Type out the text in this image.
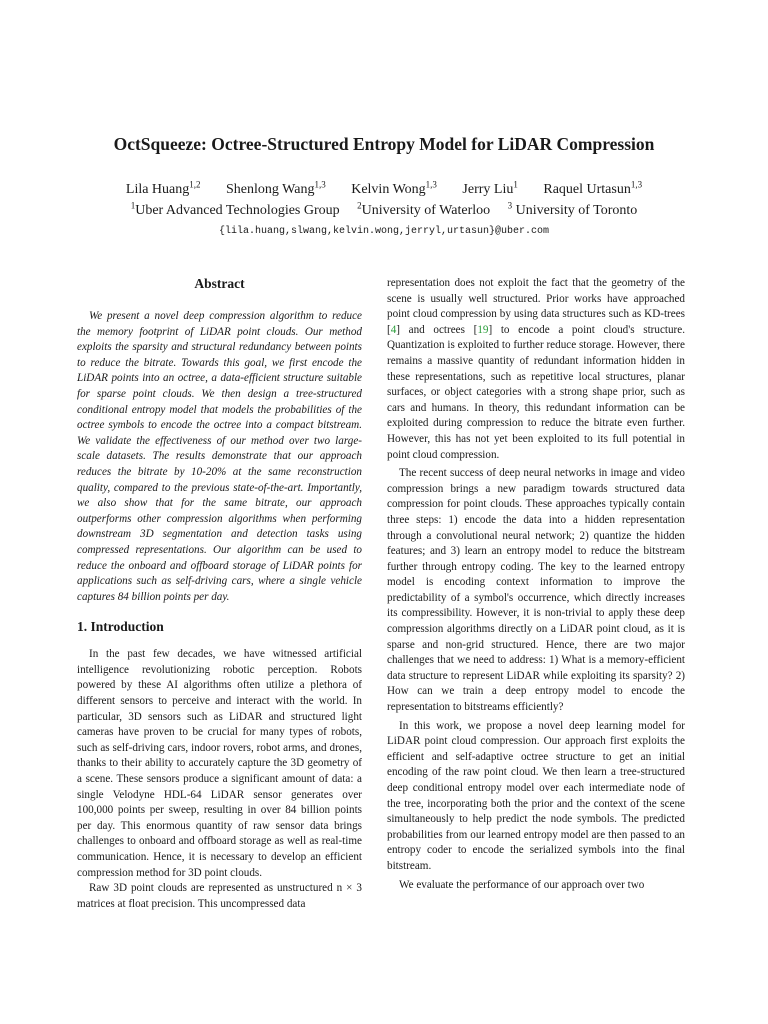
OctSqueeze: Octree-Structured Entropy Model for LiDAR Compression
Lila Huang$^{1,2}$ Shenlong Wang$^{1,3}$ Kelvin Wong$^{1,3}$ Jerry Liu$^1$ Raquel Urtasun$^{1,3}$
$^1$Uber Advanced Technologies Group $^2$University of Waterloo $^3$ University of Toronto
{lila.huang,slwang,kelvin.wong,jerryl,urtasun}@uber.com
Abstract

We present a novel deep compression algorithm to reduce the memory footprint of LiDAR point clouds. Our method exploits the sparsity and structural redundancy between points to reduce the bitrate. Towards this goal, we first encode the LiDAR points into an octree, a data-efficient structure suitable for sparse point clouds. We then design a tree-structured conditional entropy model that models the probabilities of the octree symbols to encode the octree into a compact bitstream. We validate the effectiveness of our method over two large-scale datasets. The results demonstrate that our approach reduces the bitrate by 10-20% at the same reconstruction quality, compared to the previous state-of-the-art. Importantly, we also show that for the same bitrate, our approach outperforms other compression algorithms when performing downstream 3D segmentation and detection tasks using compressed representations. Our algorithm can be used to reduce the onboard and offboard storage of LiDAR points for applications such as self-driving cars, where a single vehicle captures 84 billion points per day.

1. Introduction

In the past few decades, we have witnessed artificial intelligence revolutionizing robotic perception. Robots powered by these AI algorithms often utilize a plethora of different sensors to perceive and interact with the world. In particular, 3D sensors such as LiDAR and structured light cameras have proven to be crucial for many types of robots, such as self-driving cars, indoor rovers, robot arms, and drones, thanks to their ability to accurately capture the 3D geometry of a scene. These sensors produce a significant amount of data: a single Velodyne HDL-64 LiDAR sensor generates over 100,000 points per sweep, resulting in over 84 billion points per day. This enormous quantity of raw sensor data brings challenges to onboard and offboard storage as well as real-time communication. Hence, it is necessary to develop an efficient compression method for 3D point clouds.

Raw 3D point clouds are represented as unstructured n × 3 matrices at float precision. This uncompressed data

representation does not exploit the fact that the geometry of the scene is usually well structured. Prior works have approached point cloud compression by using data structures such as KD-trees [4] and octrees [19] to encode a point cloud's structure. Quantization is exploited to further reduce storage. However, there remains a massive quantity of redundant information hidden in these representations, such as repetitive local structures, planar surfaces, or object categories with a strong shape prior, such as cars and humans. In theory, this redundant information can be exploited during compression to reduce the bitrate even further. However, this has not yet been exploited to its full potential in point cloud compression.

The recent success of deep neural networks in image and video compression brings a new paradigm towards structured data compression for point clouds. These approaches typically contain three steps: 1) encode the data into a hidden representation through a convolutional neural network; 2) quantize the hidden features; and 3) learn an entropy model to reduce the bitstream further through entropy coding. The key to the learned entropy model is encoding context information to improve the predictability of a symbol's occurrence, which directly increases its compressibility. However, it is non-trivial to apply these deep compression algorithms directly on a LiDAR point cloud, as it is sparse and non-grid structured. Hence, there are two major challenges that we need to address: 1) What is a memory-efficient data structure to represent LiDAR while exploiting its sparsity? 2) How can we train a deep entropy model to encode the representation to bitstreams efficiently?

In this work, we propose a novel deep learning model for LiDAR point cloud compression. Our approach first exploits the efficient and self-adaptive octree structure to get an initial encoding of the raw point cloud. We then learn a tree-structured deep conditional entropy model over each intermediate node of the tree, incorporating both the prior and the context of the scene simultaneously to help predict the node symbols. The predicted probabilities from our learned entropy model are then passed to an entropy coder to encode the serialized symbols into the final bitstream.

We evaluate the performance of our approach over two
